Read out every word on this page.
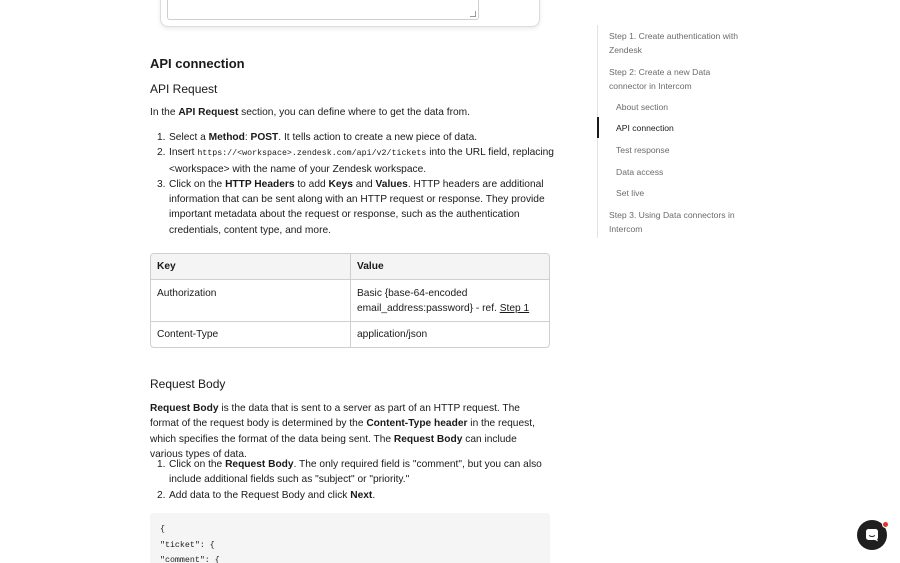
API connection
API Request
In the API Request section, you can define where to get the data from.
1. Select a Method: POST. It tells action to create a new piece of data.
2. Insert https://<workspace>.zendesk.com/api/v2/tickets into the URL field, replacing <workspace> with the name of your Zendesk workspace.
3. Click on the HTTP Headers to add Keys and Values. HTTP headers are additional information that can be sent along with an HTTP request or response. They provide important metadata about the request or response, such as the authentication credentials, content type, and more.
Key	Value
Authorization	Basic {base-64-encoded email_address:password} - ref. Step 1
Content-Type	application/json
Request Body
Request Body is the data that is sent to a server as part of an HTTP request. The format of the request body is determined by the Content-Type header in the request, which specifies the format of the data being sent. The Request Body can include various types of data.
1. Click on the Request Body. The only required field is "comment", but you can also include additional fields such as "subject" or "priority."
2. Add data to the Request Body and click Next.
{
"ticket": {
"comment": {
Step 1. Create authentication with Zendesk
Step 2: Create a new Data connector in Intercom
About section
API connection
Test response
Data access
Set live
Step 3. Using Data connectors in Intercom
